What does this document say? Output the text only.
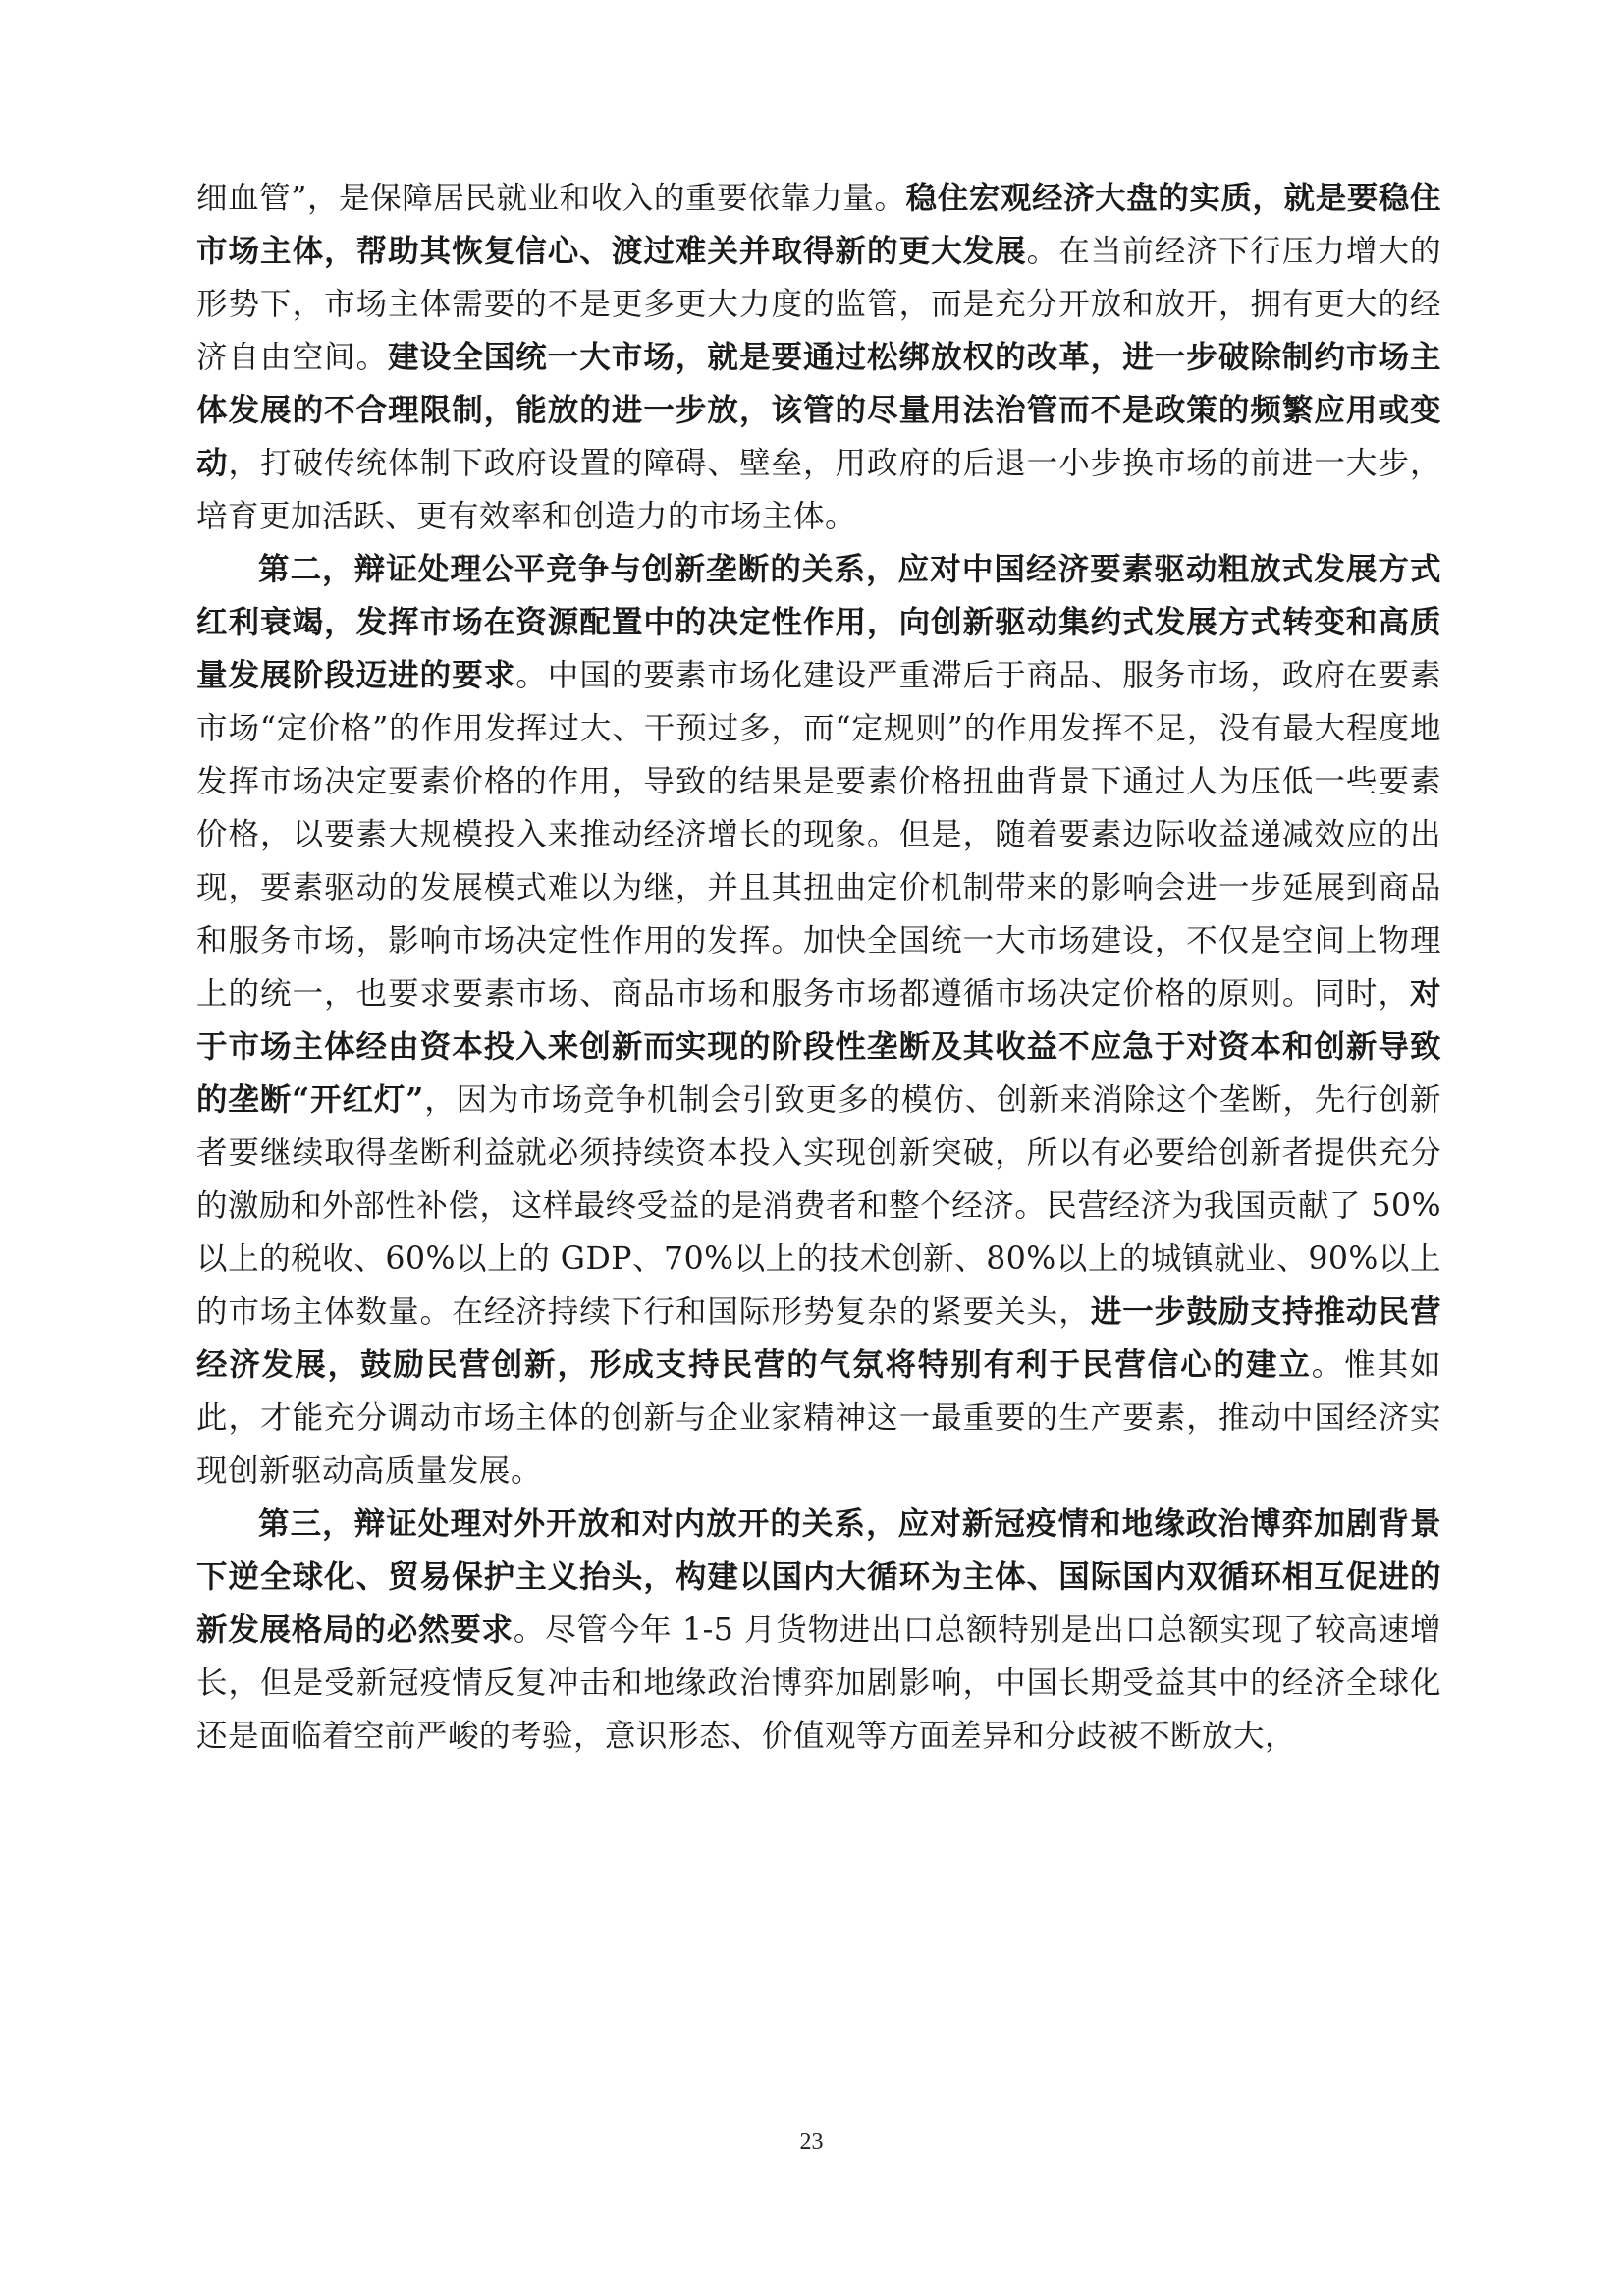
细血管”，是保障居民就业和收入的重要依靠力量。稳住宏观经济大盘的实质，就是要稳住市场主体，帮助其恢复信心、渡过难关并取得新的更大发展。在当前经济下行压力增大的形势下，市场主体需要的不是更多更大力度的监管，而是充分开放和放开，拥有更大的经济自由空间。建设全国统一大市场，就是要通过松绑放权的改革，进一步破除制约市场主体发展的不合理限制，能放的进一步放，该管的尽量用法治管而不是政策的频繁应用或变动，打破传统体制下政府设置的障碍、壁垒，用政府的后退一小步换市场的前进一大步，培育更加活跃、更有效率和创造力的市场主体。

第二，辩证处理公平竞争与创新垄断的关系，应对中国经济要素驱动粗放式发展方式红利衰竭，发挥市场在资源配置中的决定性作用，向创新驱动集约式发展方式转变和高质量发展阶段迈进的要求。中国的要素市场化建设严重滞后于商品、服务市场，政府在要素市场“定价格”的作用发挥过大、干预过多，而“定规则”的作用发挥不足，没有最大程度地发挥市场决定要素价格的作用，导致的结果是要素价格扭曲背景下通过人为压低一些要素价格，以要素大规模投入来推动经济增长的现象。但是，随着要素边际收益递减效应的出现，要素驱动的发展模式难以为继，并且其扭曲定价机制带来的影响会进一步延展到商品和服务市场，影响市场决定性作用的发挥。加快全国统一大市场建设，不仅是空间上物理上的统一，也要求要素市场、商品市场和服务市场都遵循市场决定价格的原则。同时，对于市场主体经由资本投入来创新而实现的阶段性垄断及其收益不应急于对资本和创新导致的垄断“开红灯”，因为市场竞争机制会引致更多的模仿、创新来消除这个垄断，先行创新者要继续取得垄断利益就必须持续资本投入实现创新突破，所以有必要给创新者提供充分的激励和外部性补偿，这样最终受益的是消费者和整个经济。民营经济为我国贡献了 50%以上的税收、60%以上的 GDP、70%以上的技术创新、80%以上的城镇就业、90%以上的市场主体数量。在经济持续下行和国际形势复杂的紧要关头，进一步鼓励支持推动民营经济发展，鼓励民营创新，形成支持民营的气氛将特别有利于民营信心的建立。惟其如此，才能充分调动市场主体的创新与企业家精神这一最重要的生产要素，推动中国经济实现创新驱动高质量发展。

第三，辩证处理对外开放和对内放开的关系，应对新冠疫情和地缘政治博弈加剧背景下逆全球化、贸易保护主义抬头，构建以国内大循环为主体、国际国内双循环相互促进的新发展格局的必然要求。尽管今年 1-5 月货物进出口总额特别是出口总额实现了较高速增长，但是受新冠疫情反复冲击和地缘政治博弈加剧影响，中国长期受益其中的经济全球化还是面临着空前严峻的考验，意识形态、价值观等方面差异和分歧被不断放大，

23
